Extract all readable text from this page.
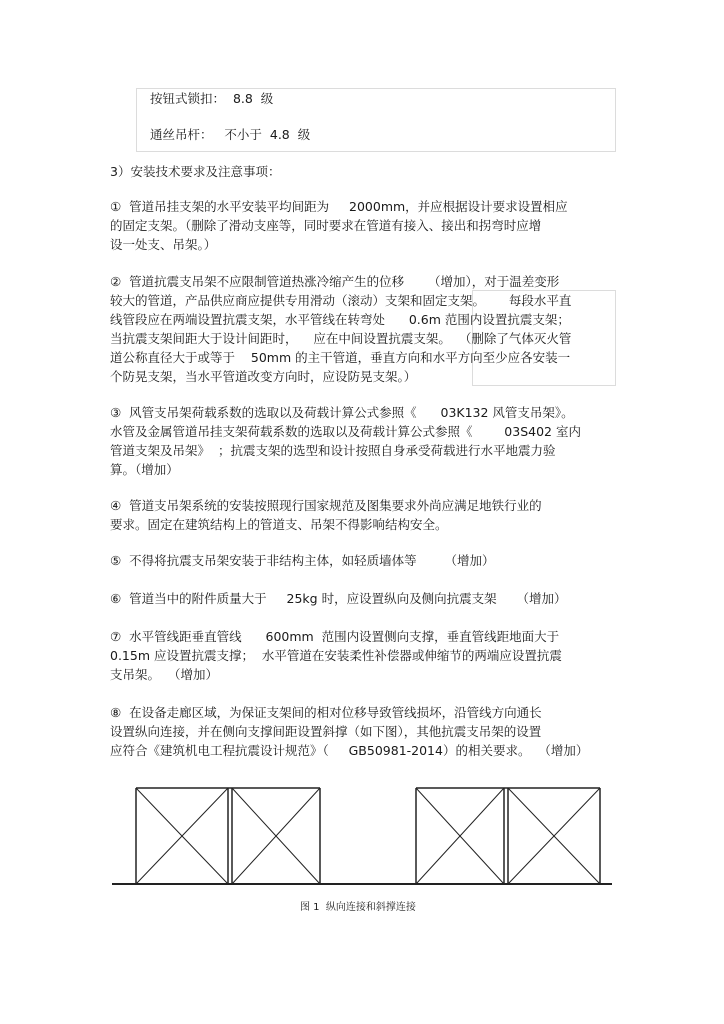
按钮式锁扣：  8.8  级
通丝吊杆：   不小于  4.8  级
3）安装技术要求及注意事项：
①  管道吊挂支架的水平安装平均间距为     2000mm，并应根据设计要求设置相应
的固定支架。（删除了滑动支座等，同时要求在管道有接入、接出和拐弯时应增
设一处支、吊架。）
②  管道抗震支吊架不应限制管道热涨冷缩产生的位移      （增加），对于温差变形
较大的管道，产品供应商应提供专用滑动（滚动）支架和固定支架。      每段水平直
线管段应在两端设置抗震支架，水平管线在转弯处      0.6m 范围内设置抗震支架；
当抗震支架间距大于设计间距时，    应在中间设置抗震支架。  （删除了气体灭火管
道公称直径大于或等于    50mm 的主干管道，垂直方向和水平方向至少应各安装一
个防晃支架，当水平管道改变方向时，应设防晃支架。）
③  风管支吊架荷载系数的选取以及荷载计算公式参照《      03K132 风管支吊架》。
水管及金属管道吊挂支架荷载系数的选取以及荷载计算公式参照《        03S402 室内
管道支架及吊架》  ；抗震支架的选型和设计按照自身承受荷载进行水平地震力验
算。（增加）
④  管道支吊架系统的安装按照现行国家规范及图集要求外尚应满足地铁行业的
要求。固定在建筑结构上的管道支、吊架不得影响结构安全。
⑤  不得将抗震支吊架安装于非结构主体，如轻质墙体等       （增加）
⑥  管道当中的附件质量大于     25kg 时，应设置纵向及侧向抗震支架     （增加）
⑦  水平管线距垂直管线      600mm  范围内设置侧向支撑，垂直管线距地面大于
0.15m 应设置抗震支撑；  水平管道在安装柔性补偿器或伸缩节的两端应设置抗震
支吊架。  （增加）
⑧  在设备走廊区域，为保证支架间的相对位移导致管线损坏，沿管线方向通长
设置纵向连接，并在侧向支撑间距设置斜撑（如下图），其他抗震支吊架的设置
应符合《建筑机电工程抗震设计规范》（     GB50981-2014）的相关要求。  （增加）
图 1  纵向连接和斜撑连接
